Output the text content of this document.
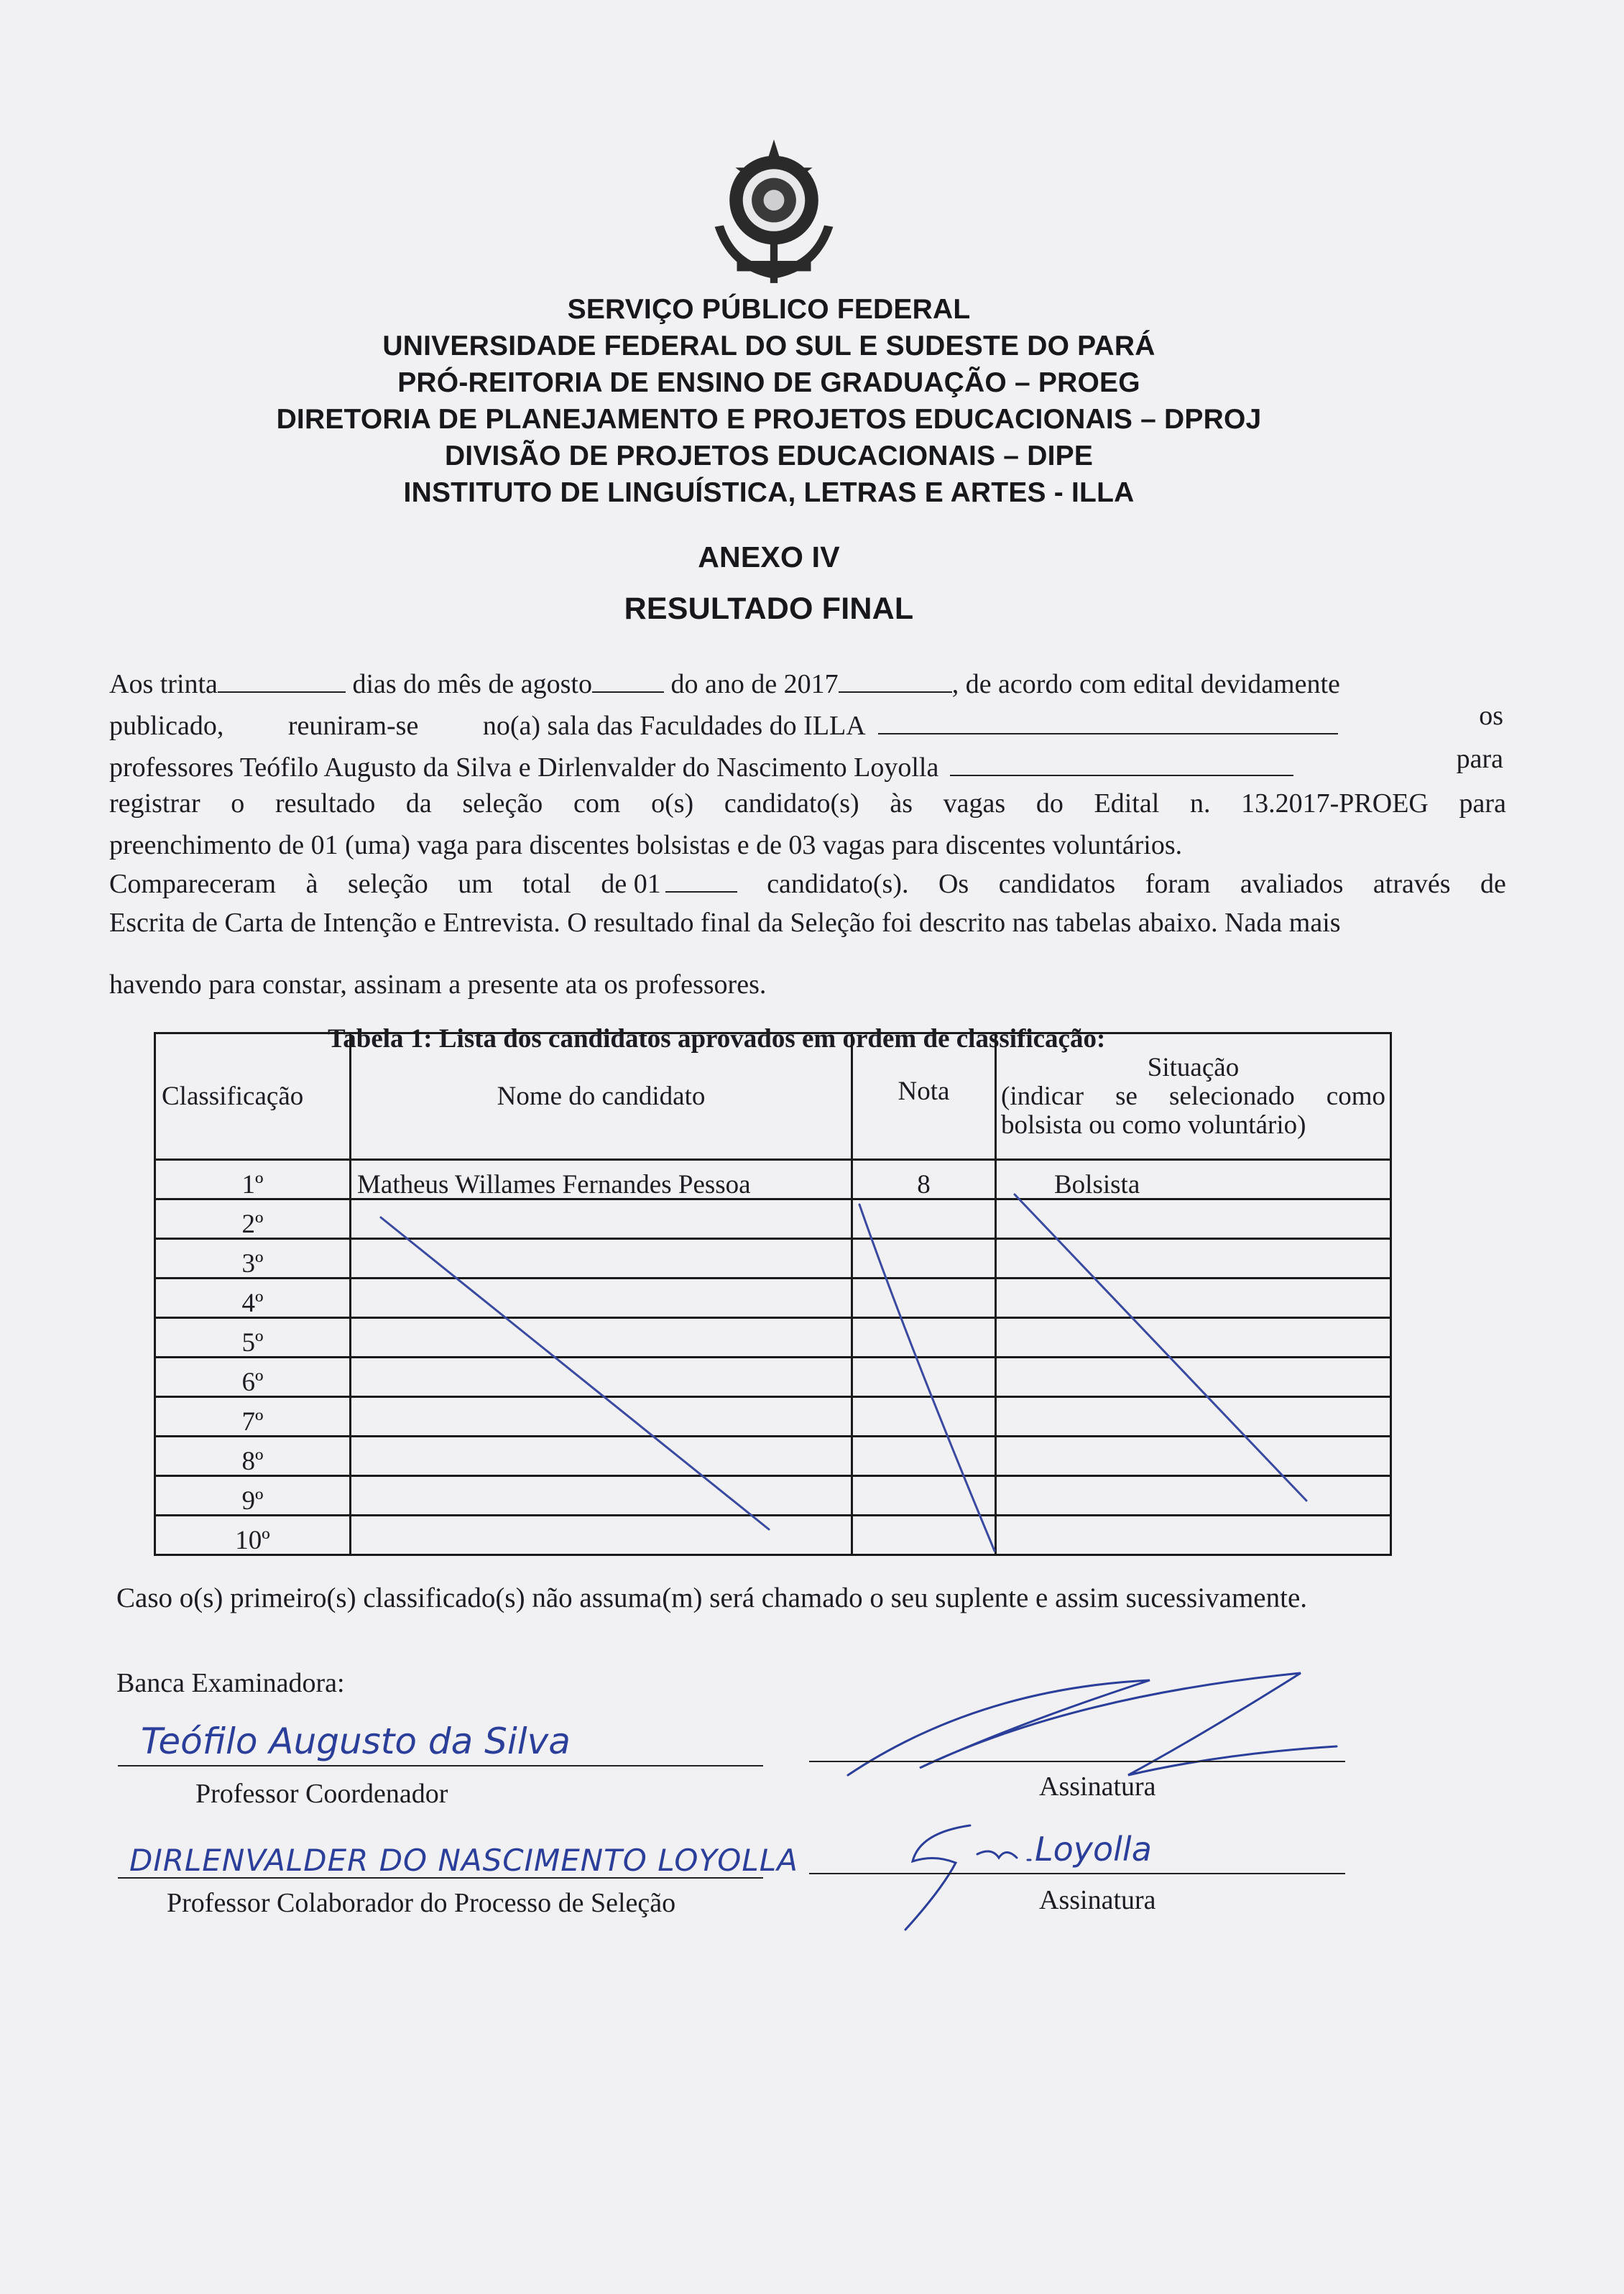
SERVIÇO PÚBLICO FEDERAL
UNIVERSIDADE FEDERAL DO SUL E SUDESTE DO PARÁ
PRÓ-REITORIA DE ENSINO DE GRADUAÇÃO – PROEG
DIRETORIA DE PLANEJAMENTO E PROJETOS EDUCACIONAIS – DPROJ
DIVISÃO DE PROJETOS EDUCACIONAIS – DIPE
INSTITUTO DE LINGUÍSTICA, LETRAS E ARTES - ILLA
ANEXO IV
RESULTADO FINAL
Aos trinta	dias do mês de agosto	do ano de 2017	, de acordo com edital devidamente
publicado, reuniram-se no(a) sala das Faculdades do ILLA	os
professores Teófilo Augusto da Silva e Dirlenvalder do Nascimento Loyolla	para
registrar o resultado da seleção com o(s) candidato(s) às vagas do Edital n. 13.2017-PROEG para
preenchimento de 01 (uma) vaga para discentes bolsistas e de 03 vagas para discentes voluntários.
Compareceram à seleção um total de 01	candidato(s). Os candidatos foram avaliados através de
Escrita de Carta de Intenção e Entrevista. O resultado final da Seleção foi descrito nas tabelas abaixo. Nada mais
havendo para constar, assinam a presente ata os professores.
Tabela 1: Lista dos candidatos aprovados em ordem de classificação:
Classificação	Nome do candidato	Nota	Situação
(indicar se selecionado como bolsista ou como voluntário)

1º	Matheus Willames Fernandes Pessoa	8	Bolsista
2º			
3º			
4º			
5º			
6º			
7º			
8º			
9º			
10º			
Caso o(s) primeiro(s) classificado(s) não assuma(m) será chamado o seu suplente e assim sucessivamente.
Banca Examinadora:
Teófilo Augusto da Silva
Professor Coordenador	Assinatura
DIRLENVALDER DO NASCIMENTO LOYOLLA
Professor Colaborador do Processo de Seleção
Loyolla
Assinatura
